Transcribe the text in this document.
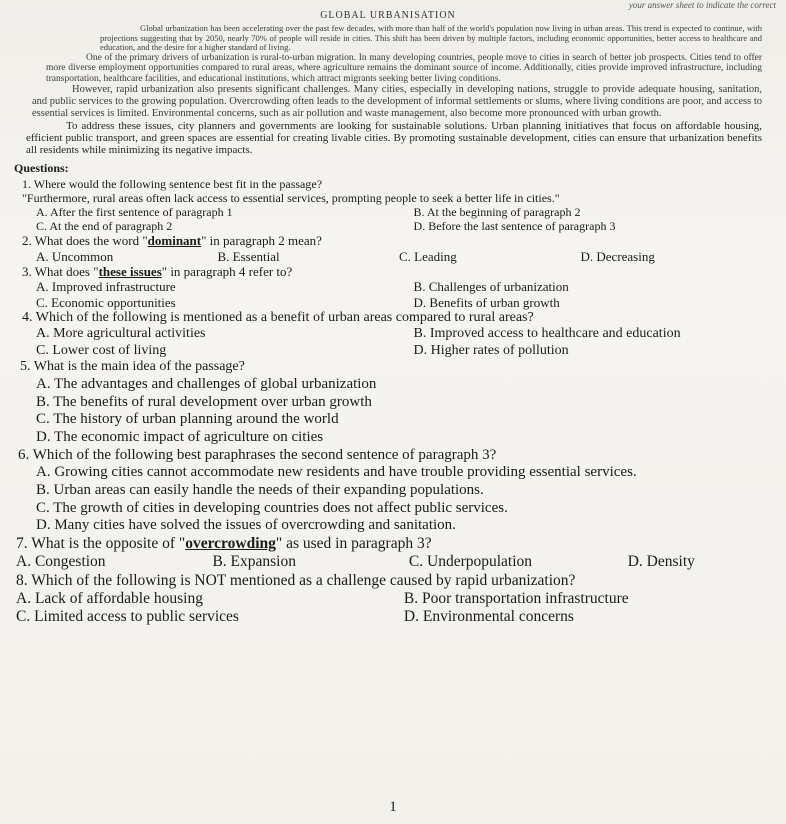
your answer sheet to indicate the correct
GLOBAL URBANISATION

Global urbanization has been accelerating over the past few decades, with more than half of the world's population now living in urban areas. This trend is expected to continue, with projections suggesting that by 2050, nearly 70% of people will reside in cities. This shift has been driven by multiple factors, including economic opportunities, better access to healthcare and education, and the desire for a higher standard of living.

One of the primary drivers of urbanization is rural-to-urban migration. In many developing countries, people move to cities in search of better job prospects. Cities tend to offer more diverse employment opportunities compared to rural areas, where agriculture remains the dominant source of income. Additionally, cities provide improved infrastructure, including transportation, healthcare facilities, and educational institutions, which attract migrants seeking better living conditions.

However, rapid urbanization also presents significant challenges. Many cities, especially in developing nations, struggle to provide adequate housing, sanitation, and public services to the growing population. Overcrowding often leads to the development of informal settlements or slums, where living conditions are poor, and access to essential services is limited. Environmental concerns, such as air pollution and waste management, also become more pronounced with urban growth.

To address these issues, city planners and governments are looking for sustainable solutions. Urban planning initiatives that focus on affordable housing, efficient public transport, and green spaces are essential for creating livable cities. By promoting sustainable development, cities can ensure that urbanization benefits all residents while minimizing its negative impacts.

Questions:
1. Where would the following sentence best fit in the passage?
"Furthermore, rural areas often lack access to essential services, prompting people to seek a better life in cities."
A. After the first sentence of paragraph 1	B. At the beginning of paragraph 2
C. At the end of paragraph 2	D. Before the last sentence of paragraph 3
2. What does the word "dominant" in paragraph 2 mean?
A. Uncommon	B. Essential	C. Leading	D. Decreasing
3. What does "these issues" in paragraph 4 refer to?
A. Improved infrastructure	B. Challenges of urbanization
C. Economic opportunities	D. Benefits of urban growth
4. Which of the following is mentioned as a benefit of urban areas compared to rural areas?
A. More agricultural activities	B. Improved access to healthcare and education
C. Lower cost of living	D. Higher rates of pollution
5. What is the main idea of the passage?
A. The advantages and challenges of global urbanization
B. The benefits of rural development over urban growth
C. The history of urban planning around the world
D. The economic impact of agriculture on cities
6. Which of the following best paraphrases the second sentence of paragraph 3?
A. Growing cities cannot accommodate new residents and have trouble providing essential services.
B. Urban areas can easily handle the needs of their expanding populations.
C. The growth of cities in developing countries does not affect public services.
D. Many cities have solved the issues of overcrowding and sanitation.
7. What is the opposite of "overcrowding" as used in paragraph 3?
A. Congestion	B. Expansion	C. Underpopulation	D. Density
8. Which of the following is NOT mentioned as a challenge caused by rapid urbanization?
A. Lack of affordable housing	B. Poor transportation infrastructure
C. Limited access to public services	D. Environmental concerns
1
